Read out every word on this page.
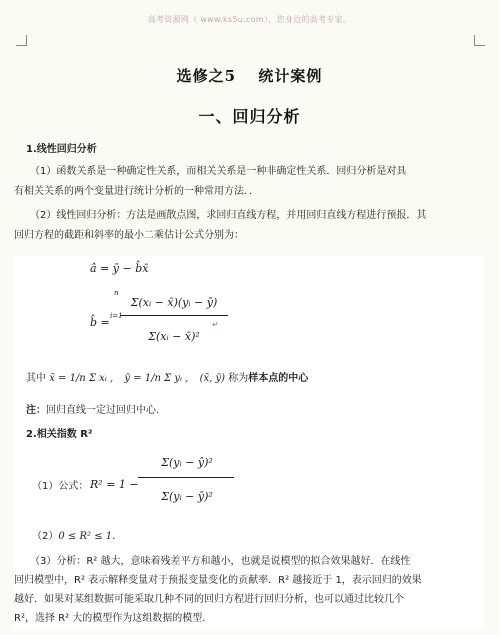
高考资源网（ www.ks5u.com），您身边的高考专家。
选修之5　 统计案例
一、回归分析
1.线性回归分析
（1）函数关系是一种确定性关系，而相关关系是一种非确定性关系．回归分析是对具
有相关关系的两个变量进行统计分析的一种常用方法．．
（2）线性回归分析：方法是画散点图，求回归直线方程，并用回归直线方程进行预报．其
回归方程的截距和斜率的最小二乘估计公式分别为：
â = ȳ − b̂x̄
b̂ =
Σ(xᵢ − x̄)(yᵢ − ȳ)
Σ(xᵢ − x̄)²
n
i=1
↵
其中 x̄ = 1/n Σ xᵢ , ȳ = 1/n Σ yᵢ , (x̄, ȳ) 称为样本点的中心
注：回归直线一定过回归中心.
2.相关指数 R²
（1）公式： R² = 1 −
Σ(yᵢ − ŷ)²
Σ(yᵢ − ȳ)²
（2）0 ≤ R² ≤ 1.
（3）分析：R² 越大，意味着残差平方和越小，也就是说模型的拟合效果越好．在线性
回归模型中，R² 表示解释变量对于预报变量变化的贡献率．R² 越接近于 1，表示回归的效果
越好．如果对某组数据可能采取几种不同的回归方程进行回归分析，也可以通过比较几个
R²，选择 R² 大的模型作为这组数据的模型．
